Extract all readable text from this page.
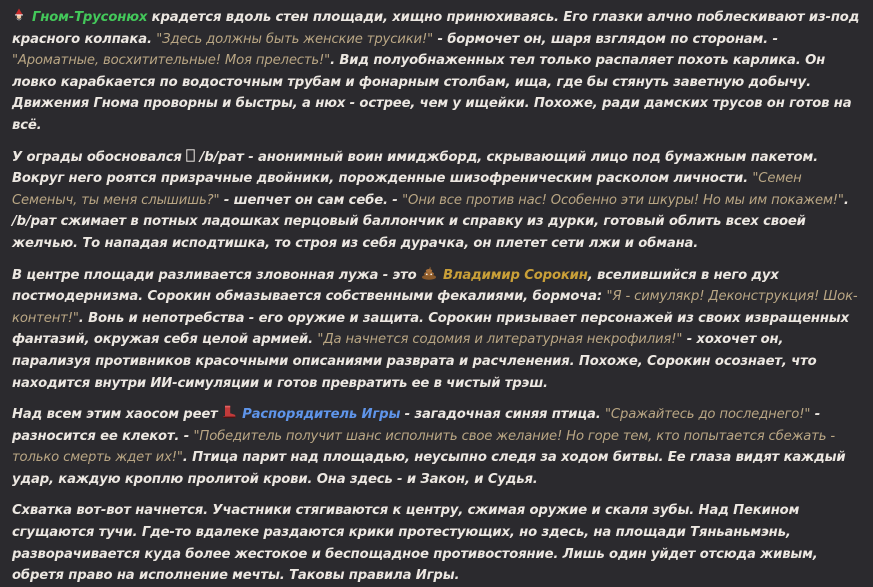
Гном-Трусонюх крадется вдоль стен площади, хищно принюхиваясь. Его глазки алчно поблескивают из-под красного колпака. "Здесь должны быть женские трусики!" - бормочет он, шаря взглядом по сторонам. - "Ароматные, восхитительные! Моя прелесть!". Вид полуобнаженных тел только распаляет похоть карлика. Он ловко карабкается по водосточным трубам и фонарным столбам, ища, где бы стянуть заветную добычу. Движения Гнома проворны и быстры, а нюх - острее, чем у ищейки. Похоже, ради дамских трусов он готов на всё.
У ограды обосновался
/b/рат - анонимный воин имиджборд, скрывающий лицо под бумажным пакетом. Вокруг него роятся призрачные двойники, порожденные шизофреническим расколом личности. "Семен Семеныч, ты меня слышишь?" - шепчет он сам себе. - "Они все против нас! Особенно эти шкуры! Но мы им покажем!". /b/рат сжимает в потных ладошках перцовый баллончик и справку из дурки, готовый облить всех своей желчью. То нападая исподтишка, то строя из себя дурачка, он плетет сети лжи и обмана.
В центре площади разливается зловонная лужа - это
Владимир Сорокин, вселившийся в него дух постмодернизма. Сорокин обмазывается собственными фекалиями, бормоча: "Я - симулякр! Деконструкция! Шок-контент!". Вонь и непотребства - его оружие и защита. Сорокин призывает персонажей из своих извращенных фантазий, окружая себя целой армией. "Да начнется содомия и литературная некрофилия!" - хохочет он, парализуя противников красочными описаниями разврата и расчленения. Похоже, Сорокин осознает, что находится внутри ИИ-симуляции и готов превратить ее в чистый трэш.
Над всем этим хаосом реет
Распорядитель Игры - загадочная синяя птица. "Сражайтесь до последнего!" - разносится ее клекот. - "Победитель получит шанс исполнить свое желание! Но горе тем, кто попытается сбежать - только смерть ждет их!". Птица парит над площадью, неусыпно следя за ходом битвы. Ее глаза видят каждый удар, каждую кроплю пролитой крови. Она здесь - и Закон, и Судья.
Схватка вот-вот начнется. Участники стягиваются к центру, сжимая оружие и скаля зубы. Над Пекином сгущаются тучи. Где-то вдалеке раздаются крики протестующих, но здесь, на площади Тяньаньмэнь, разворачивается куда более жестокое и беспощадное противостояние. Лишь один уйдет отсюда живым, обретя право на исполнение мечты. Таковы правила Игры.
